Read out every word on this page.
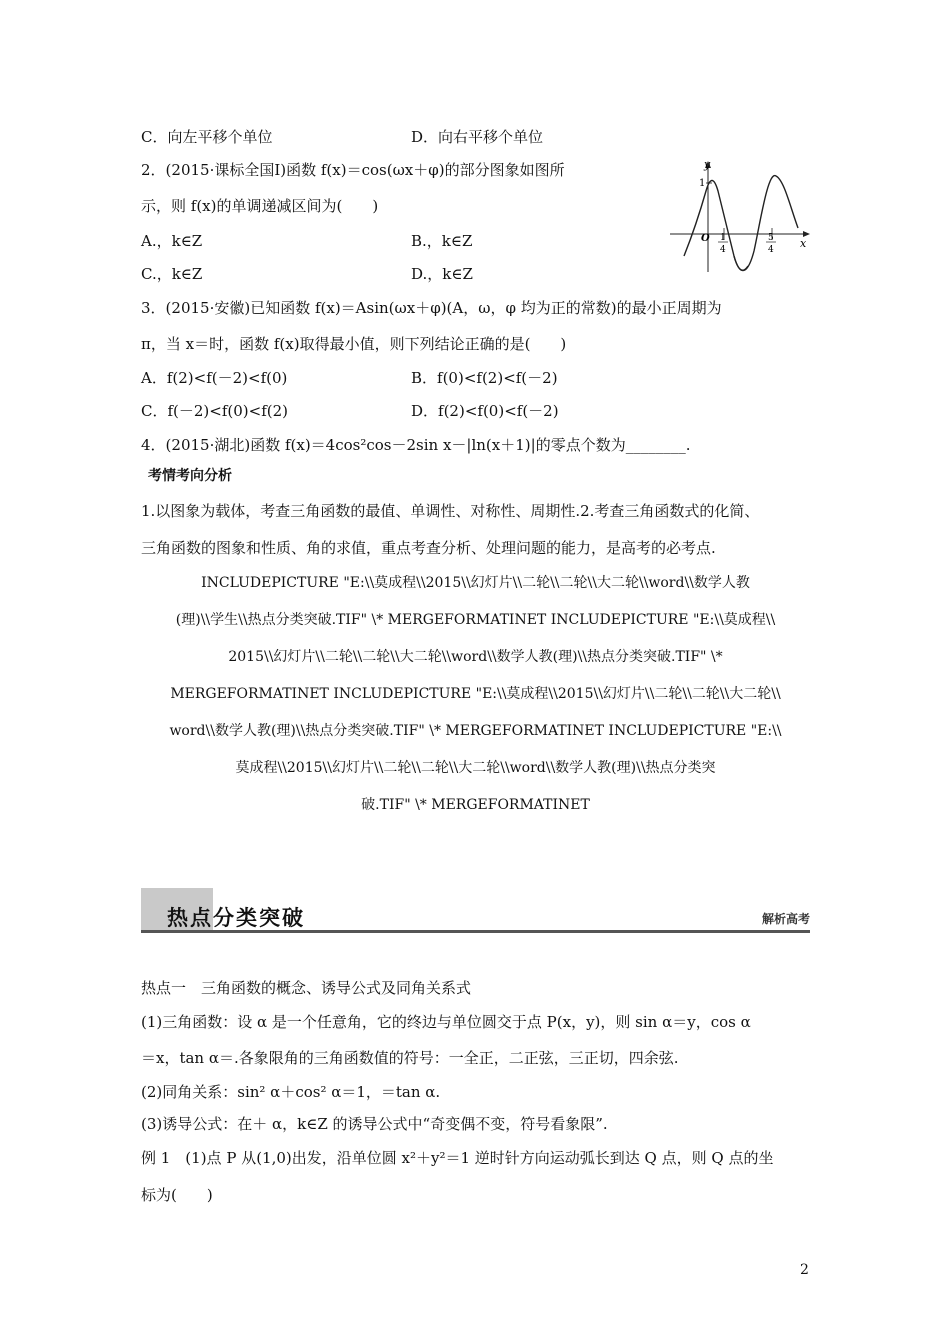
C．向左平移个单位	D．向右平移个单位
2．(2015·课标全国Ⅰ)函数 f(x)＝cos(ωx＋φ)的部分图象如图所
示，则 f(x)的单调递减区间为(　　)
A.，k∈Z	B.，k∈Z
C.，k∈Z	D.，k∈Z
y
x
O
1
1
4
5
4
3．(2015·安徽)已知函数 f(x)＝Asin(ωx＋φ)(A，ω，φ 均为正的常数)的最小正周期为
π，当 x＝时，函数 f(x)取得最小值，则下列结论正确的是(　　)
A．f(2)<f(－2)<f(0)	B．f(0)<f(2)<f(－2)
C．f(－2)<f(0)<f(2)	D．f(2)<f(0)<f(－2)
4．(2015·湖北)函数 f(x)＝4cos²cos－2sin x－|ln(x＋1)|的零点个数为________.
考情考向分析
1.以图象为载体，考查三角函数的最值、单调性、对称性、周期性.2.考查三角函数式的化简、
三角函数的图象和性质、角的求值，重点考查分析、处理问题的能力，是高考的必考点.
INCLUDEPICTURE "E:\\莫成程\\2015\\幻灯片\\二轮\\二轮\\大二轮\\word\\数学人教
(理)\\学生\\热点分类突破.TIF" \* MERGEFORMATINET INCLUDEPICTURE "E:\\莫成程\\
2015\\幻灯片\\二轮\\二轮\\大二轮\\word\\数学人教(理)\\热点分类突破.TIF" \*
MERGEFORMATINET INCLUDEPICTURE "E:\\莫成程\\2015\\幻灯片\\二轮\\二轮\\大二轮\\
word\\数学人教(理)\\热点分类突破.TIF" \* MERGEFORMATINET INCLUDEPICTURE "E:\\
莫成程\\2015\\幻灯片\\二轮\\二轮\\大二轮\\word\\数学人教(理)\\热点分类突
破.TIF" \* MERGEFORMATINET
热点分类突破	解析高考
热点一　三角函数的概念、诱导公式及同角关系式
(1)三角函数：设 α 是一个任意角，它的终边与单位圆交于点 P(x，y)，则 sin α＝y，cos α
＝x，tan α＝.各象限角的三角函数值的符号：一全正，二正弦，三正切，四余弦.
(2)同角关系：sin² α＋cos² α＝1，＝tan α.
(3)诱导公式：在＋ α，k∈Z 的诱导公式中“奇变偶不变，符号看象限”.
例 1　(1)点 P 从(1,0)出发，沿单位圆 x²＋y²＝1 逆时针方向运动弧长到达 Q 点，则 Q 点的坐
标为(　　)
2
